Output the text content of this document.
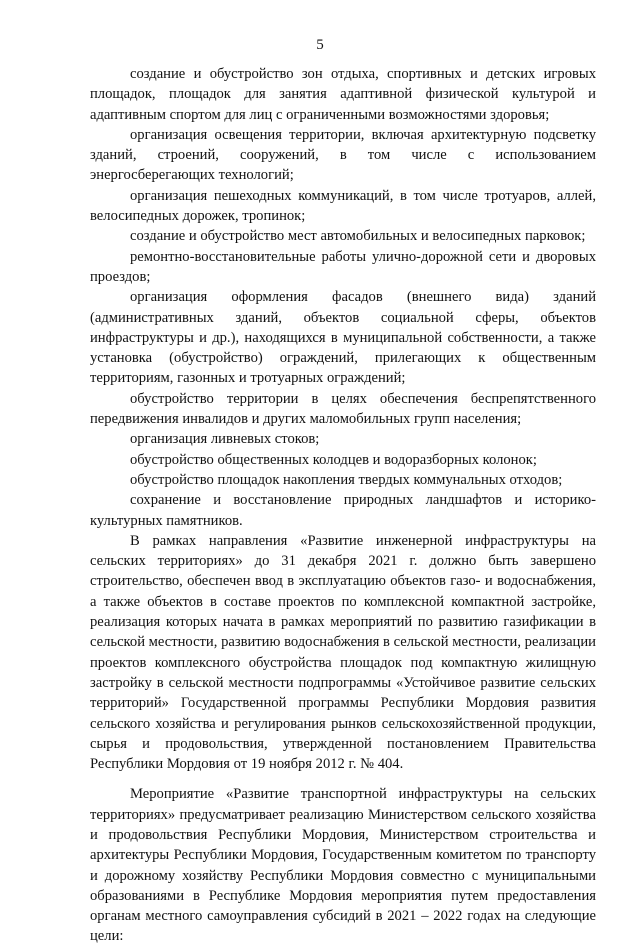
5

создание и обустройство зон отдыха, спортивных и детских игровых площадок, площадок для занятия адаптивной физической культурой и адаптивным спортом для лиц с ограниченными возможностями здоровья;

организация освещения территории, включая архитектурную подсветку зданий, строений, сооружений, в том числе с использованием энергосберегающих технологий;

организация пешеходных коммуникаций, в том числе тротуаров, аллей, велосипедных дорожек, тропинок;

создание и обустройство мест автомобильных и велосипедных парковок;

ремонтно-восстановительные работы улично-дорожной сети и дворовых проездов;

организация оформления фасадов (внешнего вида) зданий (административных зданий, объектов социальной сферы, объектов инфраструктуры и др.), находящихся в муниципальной собственности, а также установка (обустройство) ограждений, прилегающих к общественным территориям, газонных и тротуарных ограждений;

обустройство территории в целях обеспечения беспрепятственного передвижения инвалидов и других маломобильных групп населения;

организация ливневых стоков;

обустройство общественных колодцев и водоразборных колонок;

обустройство площадок накопления твердых коммунальных отходов;

сохранение и восстановление природных ландшафтов и историко-культурных памятников.

В рамках направления «Развитие инженерной инфраструктуры на сельских территориях» до 31 декабря 2021 г. должно быть завершено строительство, обеспечен ввод в эксплуатацию объектов газо- и водоснабжения, а также объектов в составе проектов по комплексной компактной застройке, реализация которых начата в рамках мероприятий по развитию газификации в сельской местности, развитию водоснабжения в сельской местности, реализации проектов комплексного обустройства площадок под компактную жилищную застройку в сельской местности подпрограммы «Устойчивое развитие сельских территорий» Государственной программы Республики Мордовия развития сельского хозяйства и регулирования рынков сельскохозяйственной продукции, сырья и продовольствия, утвержденной постановлением Правительства Республики Мордовия от 19 ноября 2012 г. № 404.

Мероприятие «Развитие транспортной инфраструктуры на сельских территориях» предусматривает реализацию Министерством сельского хозяйства и продовольствия Республики Мордовия, Министерством строительства и архитектуры Республики Мордовия, Государственным комитетом по транспорту и дорожному хозяйству Республики Мордовия совместно с муниципальными образованиями в Республике Мордовия мероприятия путем предоставления органам местного самоуправления субсидий в 2021 – 2022 годах на следующие цели:
